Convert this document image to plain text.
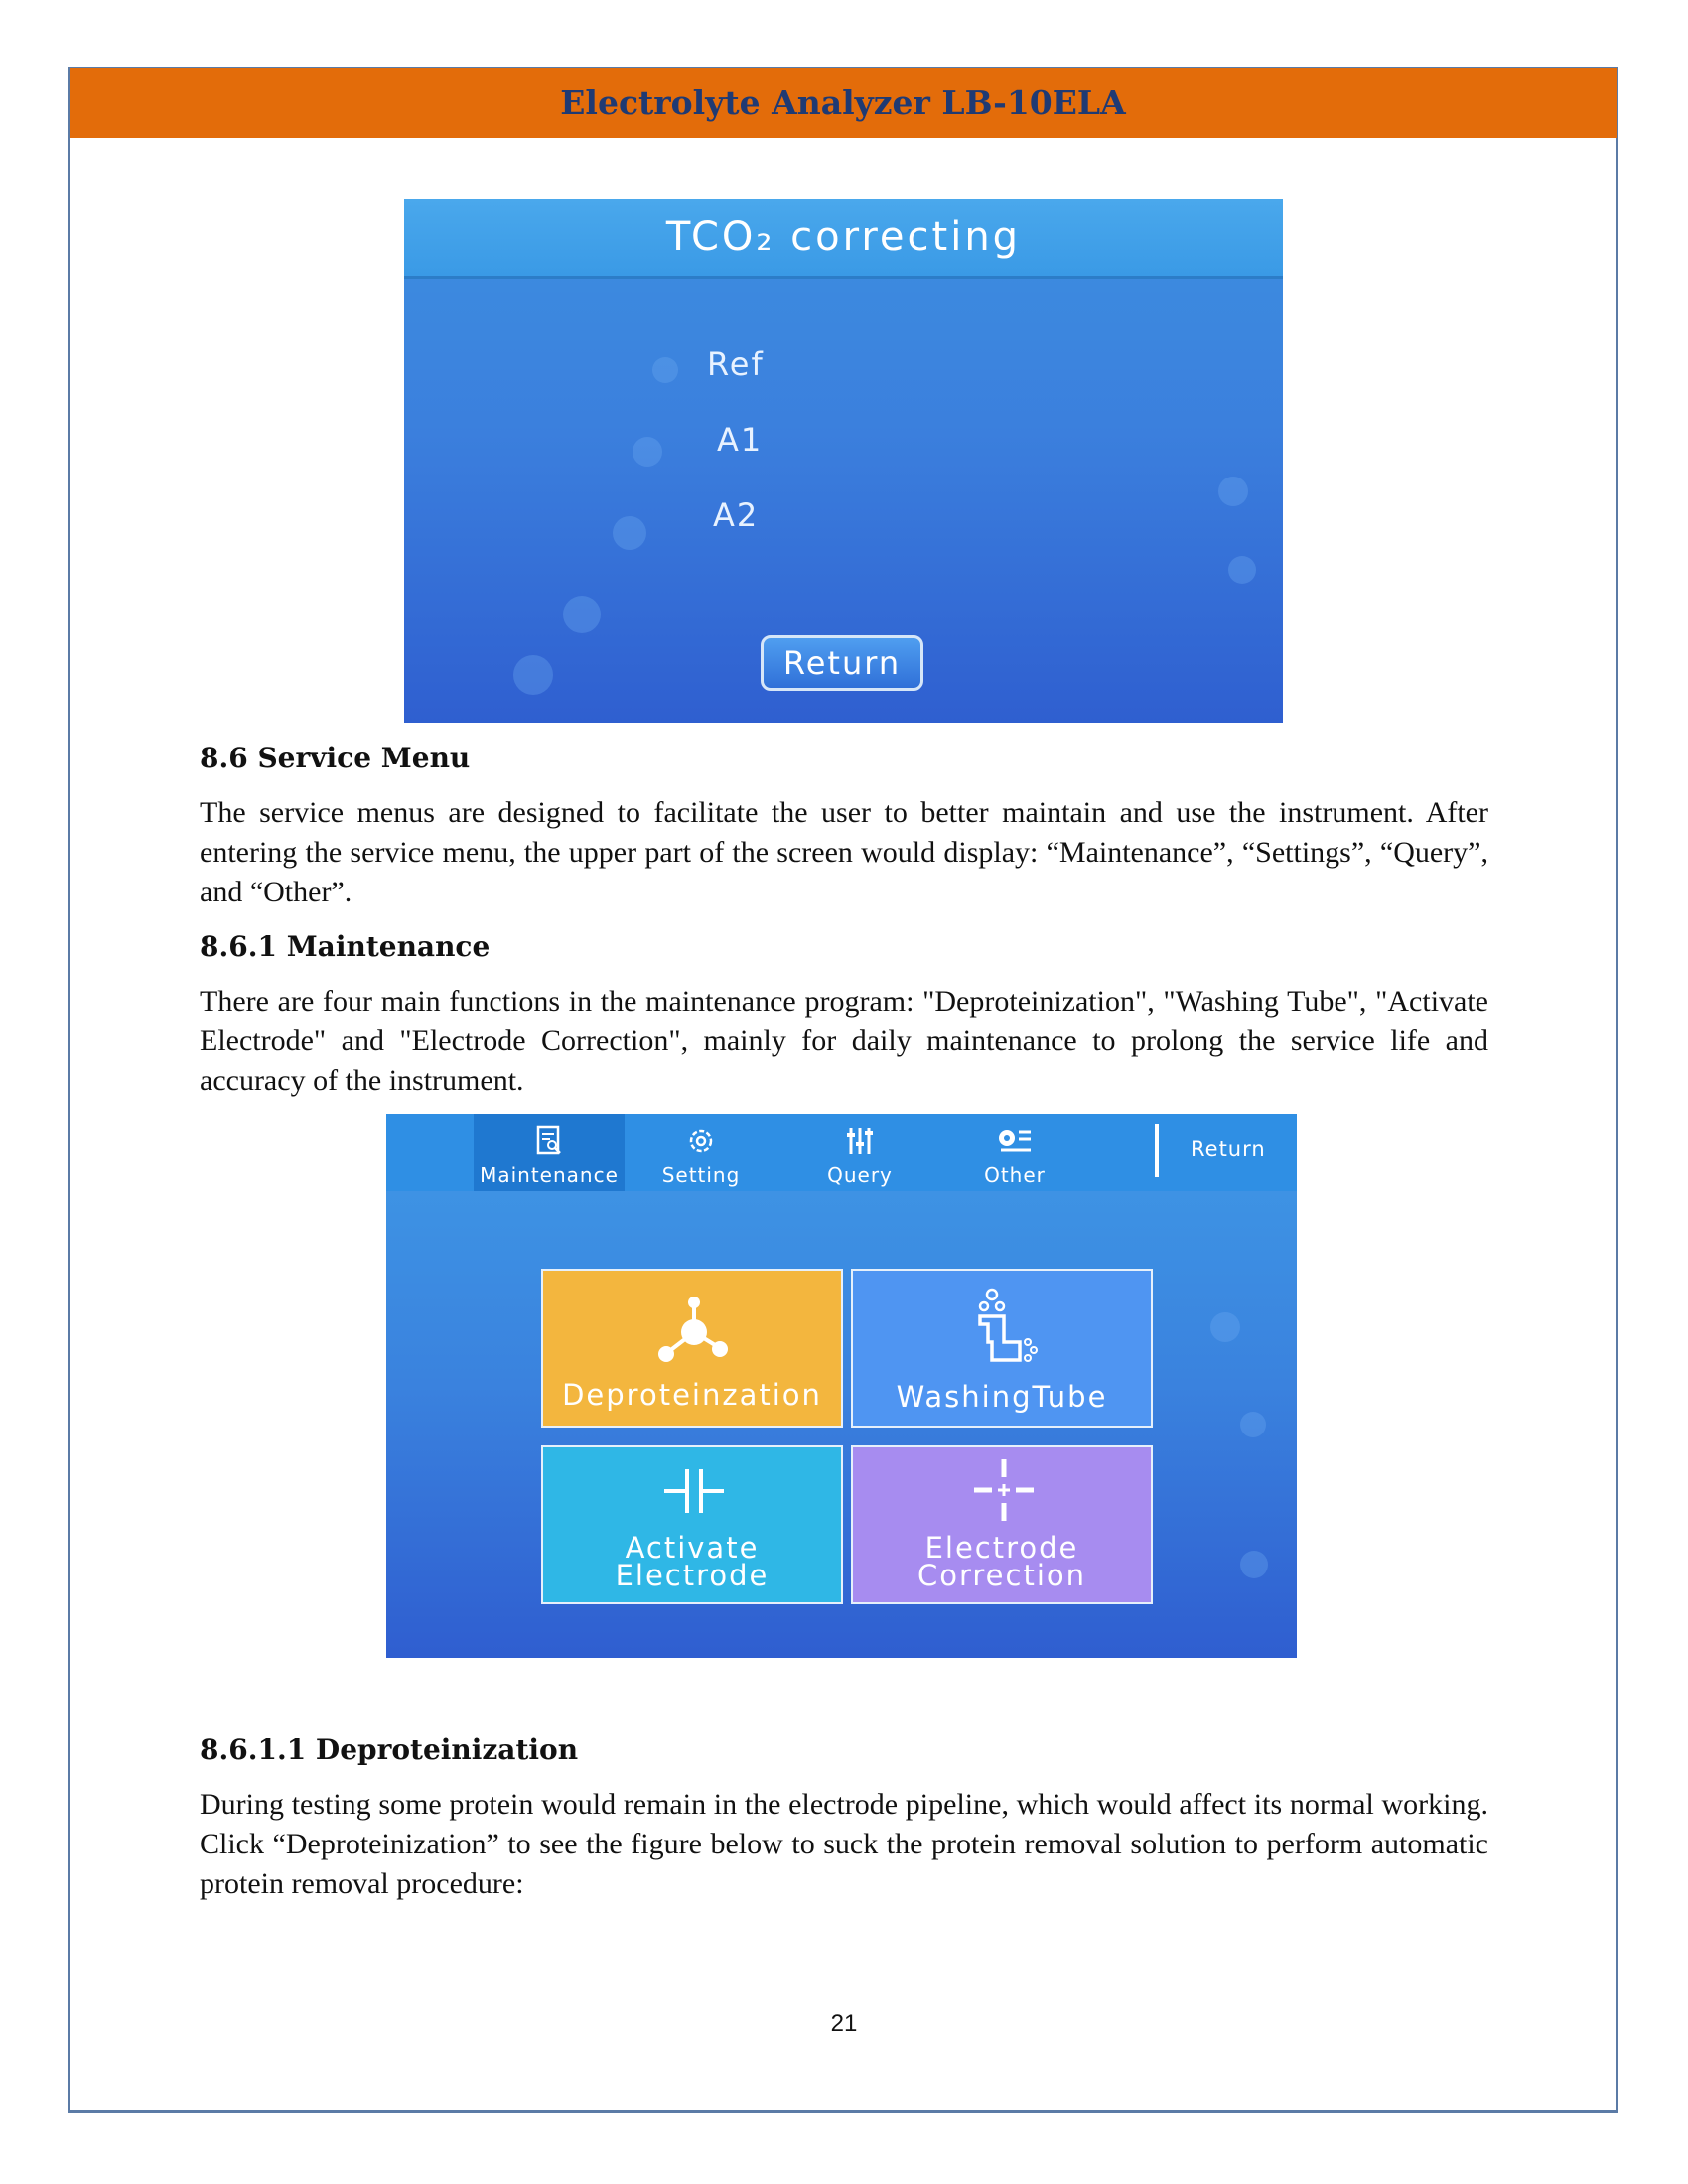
Electrolyte Analyzer LB-10ELA
TCO₂ correcting
Ref
A1
A2
Return
8.6 Service Menu

The service menus are designed to facilitate the user to better maintain and use the instrument. After entering the service menu, the upper part of the screen would display: “Maintenance”, “Settings”, “Query”, and “Other”.

8.6.1 Maintenance

There are four main functions in the maintenance program: "Deproteinization", "Washing Tube", "Activate Electrode" and "Electrode Correction", mainly for daily maintenance to prolong the service life and accuracy of the instrument.

Maintenance	Setting	Query	Other
Return
Deproteinzation	WashingTube
Activate
Electrode
Electrode
Correction
8.6.1.1 Deproteinization

During testing some protein would remain in the electrode pipeline, which would affect its normal working. Click “Deproteinization” to see the figure below to suck the protein removal solution to perform automatic protein removal procedure:

21
